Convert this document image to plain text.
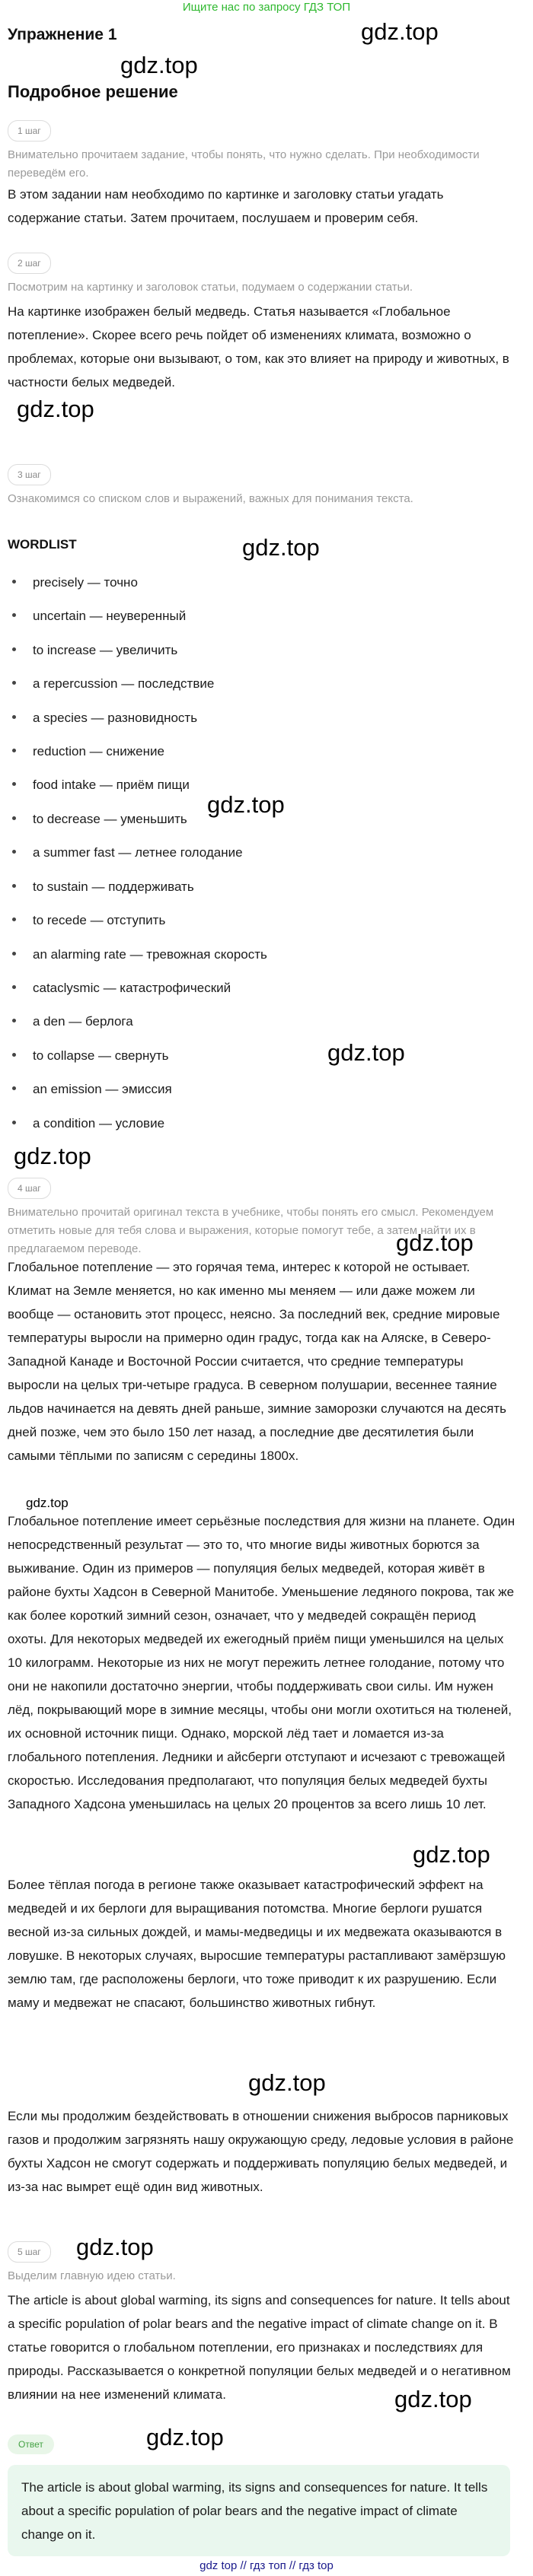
Ищите нас по запросу ГДЗ ТОП
Упражнение 1	gdz.top
gdz.top
Подробное решение
1 шаг
Внимательно прочитаем задание, чтобы понять, что нужно сделать. При необходимости переведём его.
В этом задании нам необходимо по картинке и заголовку статьи угадать содержание статьи. Затем прочитаем, послушаем и проверим себя.
2 шаг
Посмотрим на картинку и заголовок статьи, подумаем о содержании статьи.
На картинке изображен белый медведь. Статья называется «Глобальное потепление». Скорее всего речь пойдет об изменениях климата, возможно о проблемах, которые они вызывают, о том, как это влияет на природу и животных, в частности белых медведей.
gdz.top
3 шаг
Ознакомимся со списком слов и выражений, важных для понимания текста.
WORDLIST	gdz.top
precisely — точно
uncertain — неуверенный
to increase — увеличить
a repercussion — последствие
a species — разновидность
reduction — снижение
food intake — приём пищи
gdz.top
to decrease — уменьшить
a summer fast — летнее голодание
to sustain — поддерживать
to recede — отступить
an alarming rate — тревожная скорость
cataclysmic — катастрофический
a den — берлога
to collapse — свернуть	gdz.top
an emission — эмиссия
a condition — условие
gdz.top
4 шаг
Внимательно прочитай оригинал текста в учебнике, чтобы понять его смысл. Рекомендуем отметить новые для тебя слова и выражения, которые помогут тебе, а затем найти их в предлагаемом переводе.	gdz.top
Глобальное потепление — это горячая тема, интерес к которой не остывает. Климат на Земле меняется, но как именно мы меняем — или даже можем ли вообще — остановить этот процесс, неясно. За последний век, средние мировые температуры выросли на примерно один градус, тогда как на Аляске, в Северо-Западной Канаде и Восточной России считается, что средние температуры выросли на целых три-четыре градуса. В северном полушарии, весеннее таяние льдов начинается на девять дней раньше, зимние заморозки случаются на десять дней позже, чем это было 150 лет назад, а последние две десятилетия были самыми тёплыми по записям с середины 1800х.
gdz.top
Глобальное потепление имеет серьёзные последствия для жизни на планете. Один непосредственный результат — это то, что многие виды животных борются за выживание. Один из примеров — популяция белых медведей, которая живёт в районе бухты Хадсон в Северной Манитобе. Уменьшение ледяного покрова, так же как более короткий зимний сезон, означает, что у медведей сокращён период охоты. Для некоторых медведей их ежегодный приём пищи уменьшился на целых 10 килограмм. Некоторые из них не могут пережить летнее голодание, потому что они не накопили достаточно энергии, чтобы поддерживать свои силы. Им нужен лёд, покрывающий море в зимние месяцы, чтобы они могли охотиться на тюленей, их основной источник пищи. Однако, морской лёд тает и ломается из-за глобального потепления. Ледники и айсберги отступают и исчезают с тревожащей скоростью. Исследования предполагают, что популяция белых медведей бухты Западного Хадсона уменьшилась на целых 20 процентов за всего лишь 10 лет.
gdz.top
Более тёплая погода в регионе также оказывает катастрофический эффект на медведей и их берлоги для выращивания потомства. Многие берлоги рушатся весной из-за сильных дождей, и мамы-медведицы и их медвежата оказываются в ловушке. В некоторых случаях, выросшие температуры растапливают замёрзшую землю там, где расположены берлоги, что тоже приводит к их разрушению. Если маму и медвежат не спасают, большинство животных гибнут.
gdz.top
Если мы продолжим бездействовать в отношении снижения выбросов парниковых газов и продолжим загрязнять нашу окружающую среду, ледовые условия в районе бухты Хадсон не смогут содержать и поддерживать популяцию белых медведей, и из-за нас вымрет ещё один вид животных.
gdz.top
5 шаг
Выделим главную идею статьи.
The article is about global warming, its signs and consequences for nature. It tells about a specific population of polar bears and the negative impact of climate change on it. В статье говорится о глобальном потеплении, его признаках и последствиях для природы. Рассказывается о конкретной популяции белых медведей и о негативном влиянии на нее изменений климата.	gdz.top
gdz.top
Ответ
The article is about global warming, its signs and consequences for nature. It tells about a specific population of polar bears and the negative impact of climate change on it.
gdz top // гдз топ // гдз top
